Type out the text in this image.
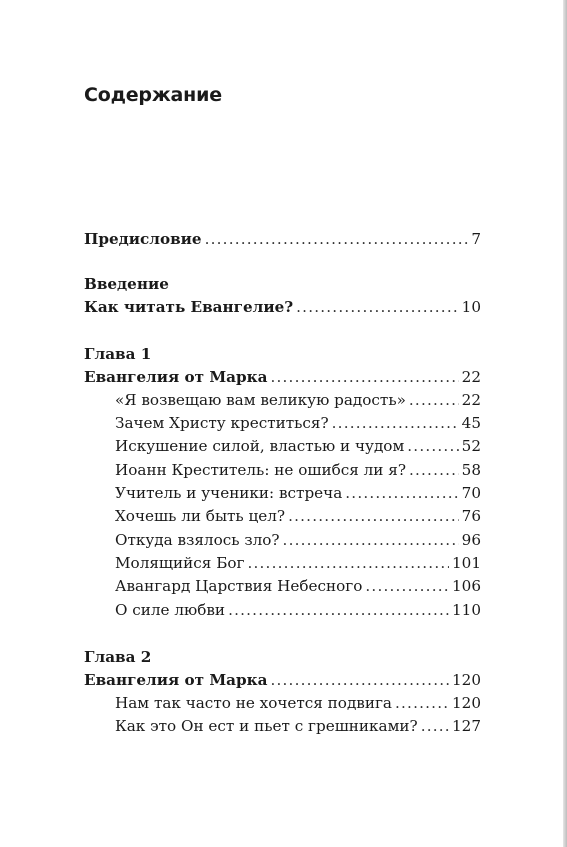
Содержание
Предисловие .....	7
Введение
Как читать Евангелие? .....	10
Глава 1
Евангелия от Марка .....	22
«Я возвещаю вам великую радость» .....	22
Зачем Христу креститься? .....	45
Искушение силой, властью и чудом .....	52
Иоанн Креститель: не ошибся ли я? .....	58
Учитель и ученики: встреча .....	70
Хочешь ли быть цел? .....	76
Откуда взялось зло? .....	96
Молящийся Бог .....	101
Авангард Царствия Небесного .....	106
О силе любви .....	110
Глава 2
Евангелия от Марка .....	120
Нам так часто не хочется подвига .....	120
Как это Он ест и пьет с грешниками? ..... 127
